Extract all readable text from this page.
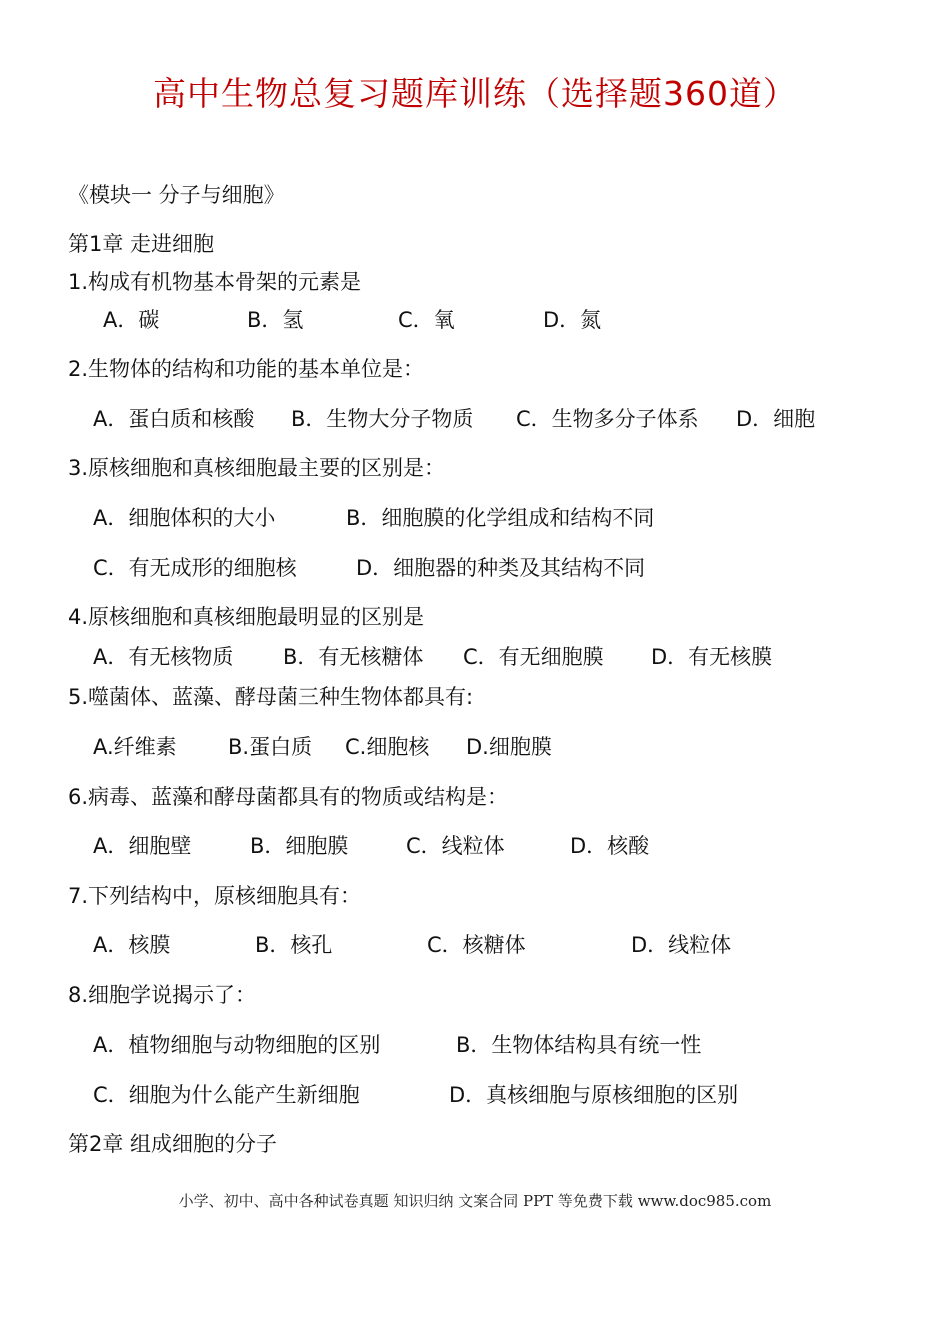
高中生物总复习题库训练（选择题360道）
《模块一 分子与细胞》
第1章 走进细胞
1.构成有机物基本骨架的元素是
A．碳	B．氢	C．氧	D．氮
2.生物体的结构和功能的基本单位是：
A．蛋白质和核酸 B．生物大分子物质 C．生物多分子体系 D．细胞
3.原核细胞和真核细胞最主要的区别是：
A．细胞体积的大小	B．细胞膜的化学组成和结构不同
C．有无成形的细胞核	D．细胞器的种类及其结构不同
4.原核细胞和真核细胞最明显的区别是
A．有无核物质 B．有无核糖体 C．有无细胞膜 D．有无核膜
5.噬菌体、蓝藻、酵母菌三种生物体都具有:
A.纤维素 B.蛋白质 C.细胞核 D.细胞膜
6.病毒、蓝藻和酵母菌都具有的物质或结构是：
A．细胞壁	B．细胞膜	C．线粒体	D．核酸
7.下列结构中，原核细胞具有：
A．核膜	B．核孔	C．核糖体	D．线粒体
8.细胞学说揭示了：
A．植物细胞与动物细胞的区别	B．生物体结构具有统一性
C．细胞为什么能产生新细胞	D．真核细胞与原核细胞的区别
第2章 组成细胞的分子
小学、初中、高中各种试卷真题 知识归纳 文案合同 PPT 等免费下载 www.doc985.com
